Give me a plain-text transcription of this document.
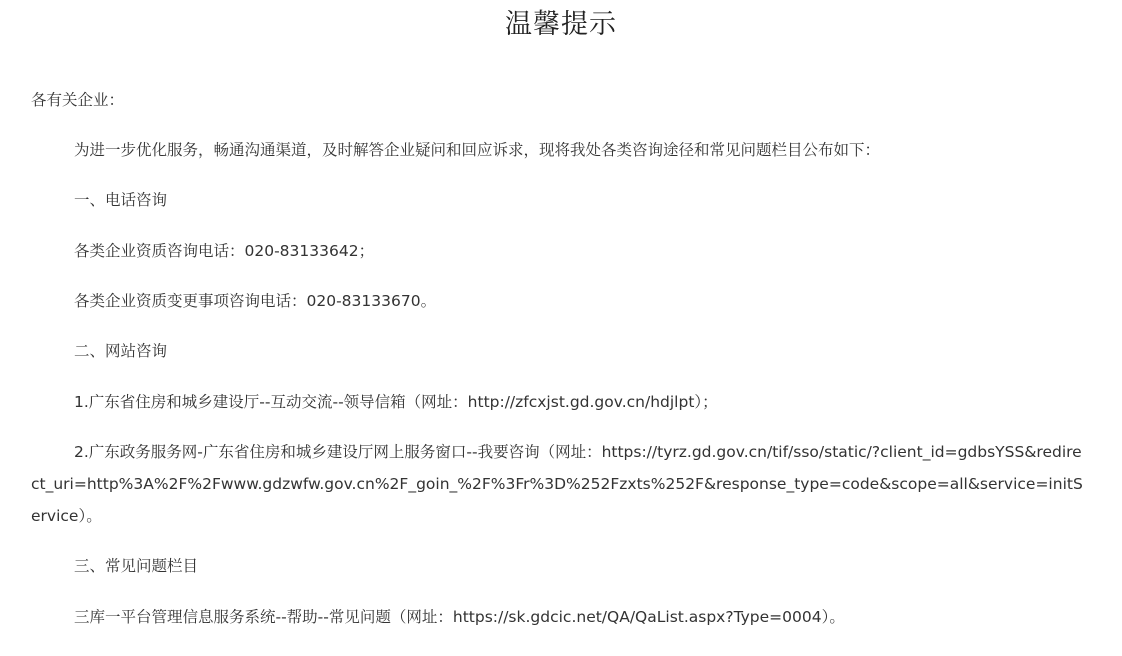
温馨提示

各有关企业：

为进一步优化服务，畅通沟通渠道，及时解答企业疑问和回应诉求，现将我处各类咨询途径和常见问题栏目公布如下：

一、电话咨询

各类企业资质咨询电话：020-83133642；

各类企业资质变更事项咨询电话：020-83133670。

二、网站咨询

1.广东省住房和城乡建设厅--互动交流--领导信箱（网址：http://zfcxjst.gd.gov.cn/hdjlpt）；

2.广东政务服务网-广东省住房和城乡建设厅网上服务窗口--我要咨询（网址：https://tyrz.gd.gov.cn/tif/sso/static/?client_id=gdbsYSS&redirect_uri=http%3A%2F%2Fwww.gdzwfw.gov.cn%2F_goin_%2F%3Fr%3D%252Fzxts%252F&response_type=code&scope=all&service=initService）。

三、常见问题栏目

三库一平台管理信息服务系统--帮助--常见问题（网址：https://sk.gdcic.net/QA/QaList.aspx?Type=0004）。
